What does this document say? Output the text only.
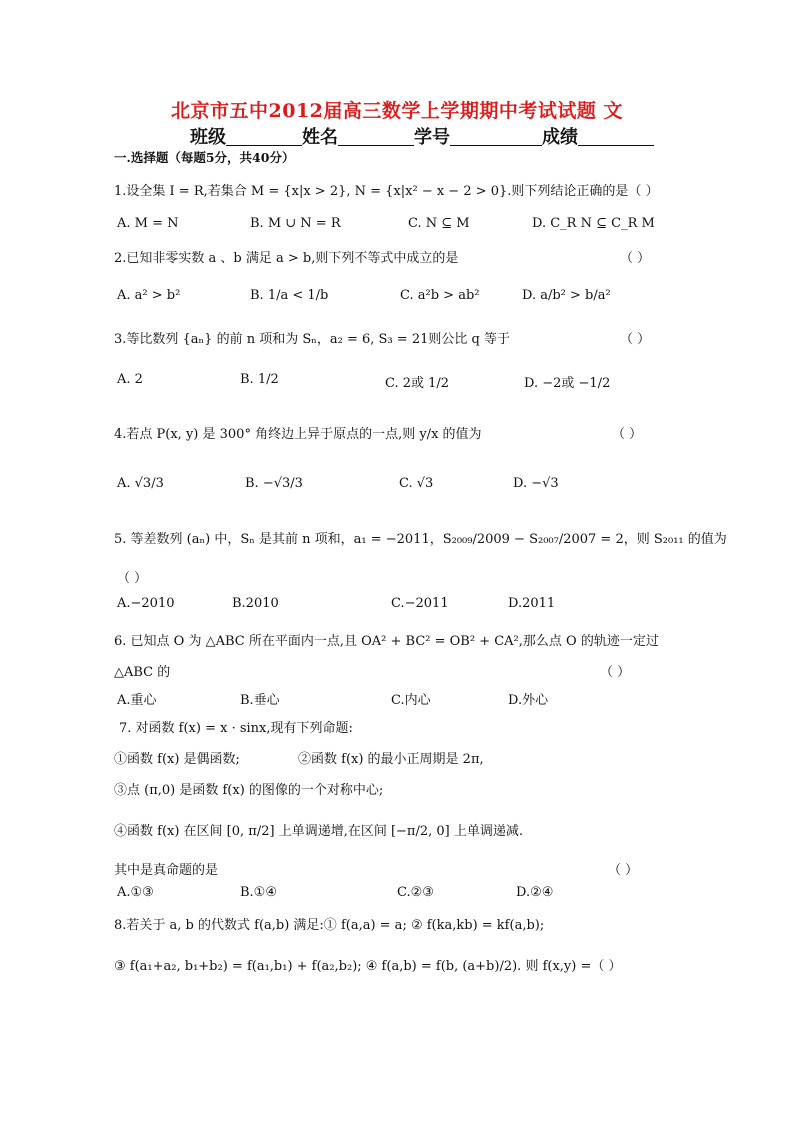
北京市五中2012届高三数学上学期期中考试试题 文
班级	姓名	学号	成绩
一.选择题（每题5分，共40分）
1.设全集 I = R,若集合 M = {x|x > 2}, N = {x|x² − x − 2 > 0}.则下列结论正确的是（ ）
A. M = N	B. M ∪ N = R	C. N ⊆ M	D. C_R N ⊆ C_R M
2.已知非零实数 a 、b 满足 a > b,则下列不等式中成立的是	（ ）
A. a² > b²	B. 1/a < 1/b	C. a²b > ab²	D. a/b² > b/a²
3.等比数列 {aₙ} 的前 n 项和为 Sₙ，a₂ = 6, S₃ = 21则公比 q 等于	（ ）
A. 2	B. 1/2	C. 2或 1/2	D. −2或 −1/2
4.若点 P(x, y) 是 300° 角终边上异于原点的一点,则 y/x 的值为	（ ）
A. √3/3	B. −√3/3	C. √3	D. −√3
5. 等差数列 (aₙ) 中，Sₙ 是其前 n 项和，a₁ = −2011，S₂₀₀₉/2009 − S₂₀₀₇/2007 = 2，则 S₂₀₁₁ 的值为
（ ）
A.−2010	B.2010	C.−2011	D.2011
6. 已知点 O 为 △ABC 所在平面内一点,且 OA² + BC² = OB² + CA²,那么点 O 的轨迹一定过
△ABC 的	（ ）
A.重心	B.垂心	C.内心	D.外心
7. 对函数 f(x) = x · sinx,现有下列命题:
①函数 f(x) 是偶函数;	②函数 f(x) 的最小正周期是 2π,
③点 (π,0) 是函数 f(x) 的图像的一个对称中心;
④函数 f(x) 在区间 [0, π/2] 上单调递增,在区间 [−π/2, 0] 上单调递减.
其中是真命题的是	（ ）
A.①③	B.①④	C.②③	D.②④
8.若关于 a, b 的代数式 f(a,b) 满足:① f(a,a) = a; ② f(ka,kb) = kf(a,b);
③ f(a₁+a₂, b₁+b₂) = f(a₁,b₁) + f(a₂,b₂); ④ f(a,b) = f(b, (a+b)/2). 则 f(x,y) =（ ）
